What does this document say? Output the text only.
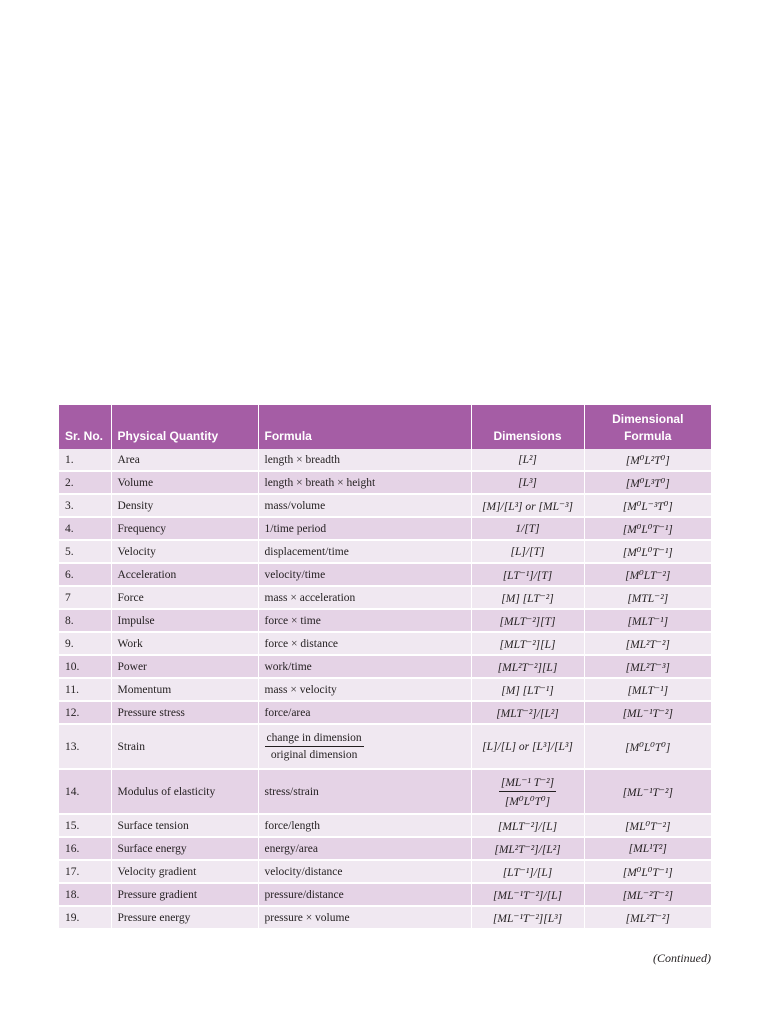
Sr. No.	Physical Quantity	Formula	Dimensions	Dimensional
Formula
1.	Area	length × breadth	[L²]	[M⁰L²T⁰]
2.	Volume	length × breath × height	[L³]	[M⁰L³T⁰]
3.	Density	mass/volume	[M]/[L³] or [ML⁻³]	[M⁰L⁻³T⁰]
4.	Frequency	1/time period	1/[T]	[M⁰L⁰T⁻¹]
5.	Velocity	displacement/time	[L]/[T]	[M⁰L⁰T⁻¹]
6.	Acceleration	velocity/time	[LT⁻¹]/[T]	[M⁰LT⁻²]
7	Force	mass × acceleration	[M] [LT⁻²]	[MTL⁻²]
8.	Impulse	force × time	[MLT⁻²][T]	[MLT⁻¹]
9.	Work	force × distance	[MLT⁻²][L]	[ML²T⁻²]
10.	Power	work/time	[ML²T⁻²][L]	[ML²T⁻³]
11.	Momentum	mass × velocity	[M] [LT⁻¹]	[MLT⁻¹]
12.	Pressure stress	force/area	[MLT⁻²]/[L²]	[ML⁻¹T⁻²]
13.	Strain	$\frac{\text{change in dimension}}{\text{original dimension}}$	[L]/[L] or [L³]/[L³]	[M⁰L⁰T⁰]
14.	Modulus of elasticity	stress/strain	$\frac{\text{[ML⁻¹ T⁻²]}}{\text{[M⁰L⁰T⁰]}}$	[ML⁻¹T⁻²]
15.	Surface tension	force/length	[MLT⁻²]/[L]	[ML⁰T⁻²]
16.	Surface energy	energy/area	[ML²T⁻²]/[L²]	[ML¹T²]
17.	Velocity gradient	velocity/distance	[LT⁻¹]/[L]	[M⁰L⁰T⁻¹]
18.	Pressure gradient	pressure/distance	[ML⁻¹T⁻²]/[L]	[ML⁻²T⁻²]
19.	Pressure energy	pressure × volume	[ML⁻¹T⁻²][L³]	[ML²T⁻²]
(Continued)
